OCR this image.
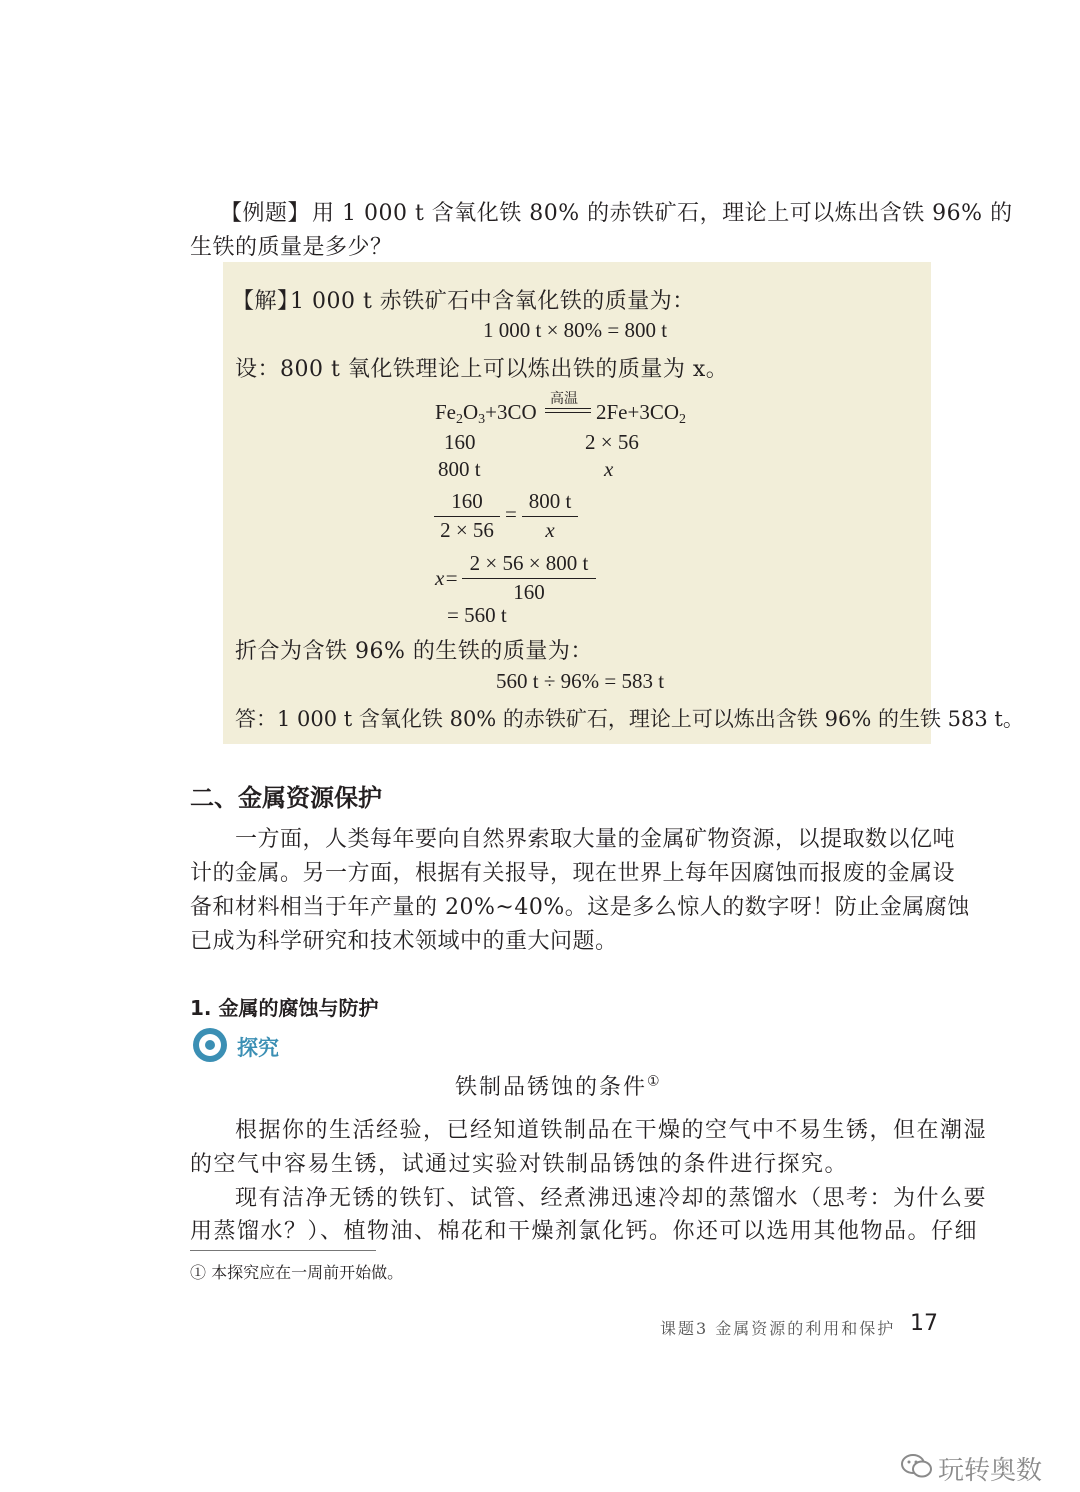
【例题】 用 1 000 t 含氧化铁 80% 的赤铁矿石，理论上可以炼出含铁 96% 的
生铁的质量是多少？
【解】
1 000 t 赤铁矿石中含氧化铁的质量为：
1 000 t × 80% = 800 t
设：800 t 氧化铁理论上可以炼出铁的质量为 x。
$Fe_2O_3+3CO$
高温
$2Fe+3CO_2$
160
800 t
2 × 56
x
160
2 × 56
=
800 t
x
x=
2 × 56 × 800 t
160
= 560 t
折合为含铁 96% 的生铁的质量为：
560 t ÷ 96% = 583 t
答：1 000 t 含氧化铁 80% 的赤铁矿石，理论上可以炼出含铁 96% 的生铁 583 t。
二、金属资源保护
一方面，人类每年要向自然界索取大量的金属矿物资源，以提取数以亿吨
计的金属。另一方面，根据有关报导，现在世界上每年因腐蚀而报废的金属设
备和材料相当于年产量的 20%~40%。这是多么惊人的数字呀！防止金属腐蚀
已成为科学研究和技术领域中的重大问题。
1. 金属的腐蚀与防护
探究
铁制品锈蚀的条件①
根据你的生活经验，已经知道铁制品在干燥的空气中不易生锈，但在潮湿
的空气中容易生锈，试通过实验对铁制品锈蚀的条件进行探究。
现有洁净无锈的铁钉、试管、经煮沸迅速冷却的蒸馏水（思考：为什么要
用蒸馏水？）、植物油、棉花和干燥剂氯化钙。你还可以选用其他物品。仔细
① 本探究应在一周前开始做。
课题3 金属资源的利用和保护 17
玩转奥数
